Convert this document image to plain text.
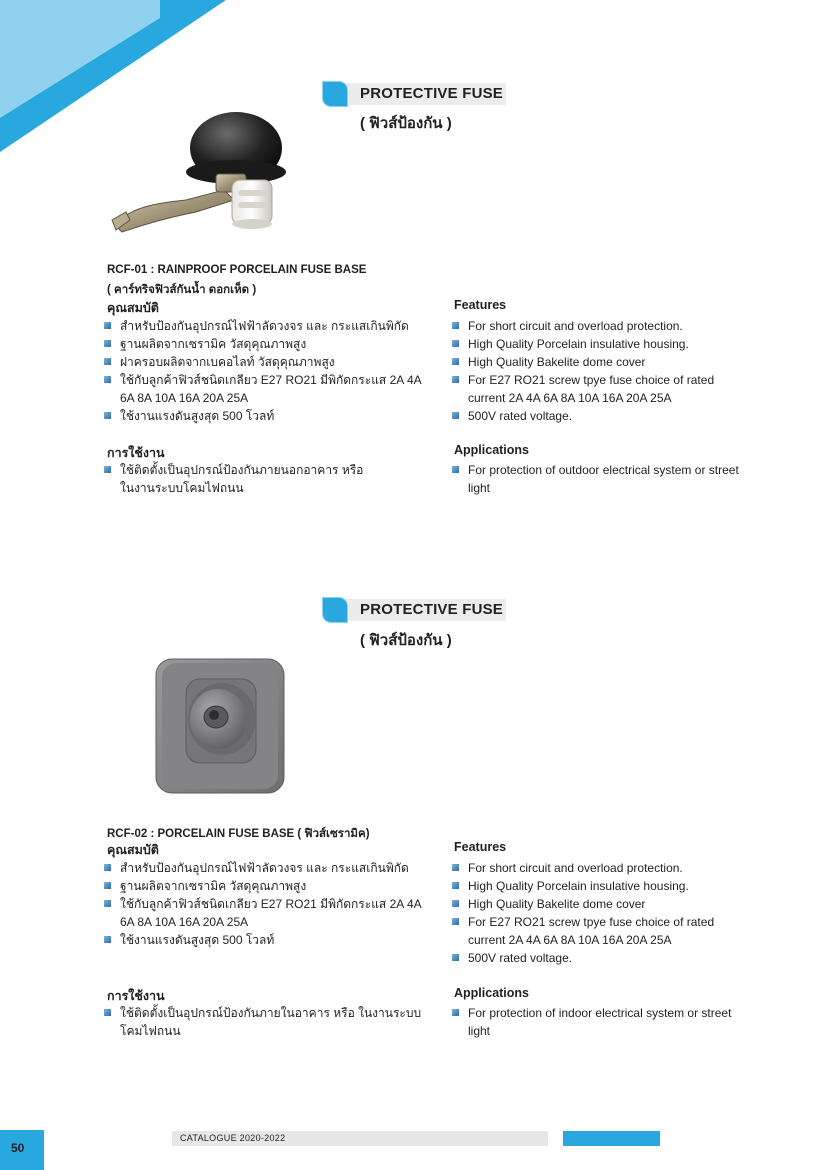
PROTECTIVE FUSE
( ฟิวส์ป้องกัน )
RCF-01 : RAINPROOF PORCELAIN FUSE BASE
( คาร์ทริจฟิวส์กันน้ำ ดอกเห็ด )
คุณสมบัติ
สำหรับป้องกันอุปกรณ์ไฟฟ้าลัดวงจร และ กระแสเกินพิกัด
ฐานผลิตจากเซรามิค วัสดุคุณภาพสูง
ฝาครอบผลิตจากเบคอไลท์ วัสดุคุณภาพสูง
ใช้กับลูกค้าฟิวส์ชนิดเกลียว E27 RO21 มีพิกัดกระแส 2A 4A 6A 8A 10A 16A 20A 25A
ใช้งานแรงดันสูงสุด 500 โวลท์
การใช้งาน
ใช้ติดตั้งเป็นอุปกรณ์ป้องกันภายนอกอาคาร หรือ ในงานระบบโคมไฟถนน
Features
For short circuit and overload protection.
High Quality Porcelain insulative housing.
High Quality Bakelite dome cover
For E27 RO21 screw tpye fuse choice of rated current 2A 4A 6A 8A 10A 16A 20A 25A
500V rated voltage.
Applications
For protection of outdoor electrical system or street light
PROTECTIVE FUSE
( ฟิวส์ป้องกัน )
RCF-02 : PORCELAIN FUSE BASE ( ฟิวส์เซรามิค)
คุณสมบัติ
สำหรับป้องกันอุปกรณ์ไฟฟ้าลัดวงจร และ กระแสเกินพิกัด
ฐานผลิตจากเซรามิค วัสดุคุณภาพสูง
ใช้กับลูกค้าฟิวส์ชนิดเกลียว E27 RO21 มีพิกัดกระแส 2A 4A 6A 8A 10A 16A 20A 25A
ใช้งานแรงดันสูงสุด 500 โวลท์
การใช้งาน
ใช้ติดตั้งเป็นอุปกรณ์ป้องกันภายในอาคาร หรือ ในงานระบบโคมไฟถนน
Features
For short circuit and overload protection.
High Quality Porcelain insulative housing.
High Quality Bakelite dome cover
For E27 RO21 screw tpye fuse choice of rated current 2A 4A 6A 8A 10A 16A 20A 25A
500V rated voltage.
Applications
For protection of indoor electrical system or street light
50
CATALOGUE 2020-2022
